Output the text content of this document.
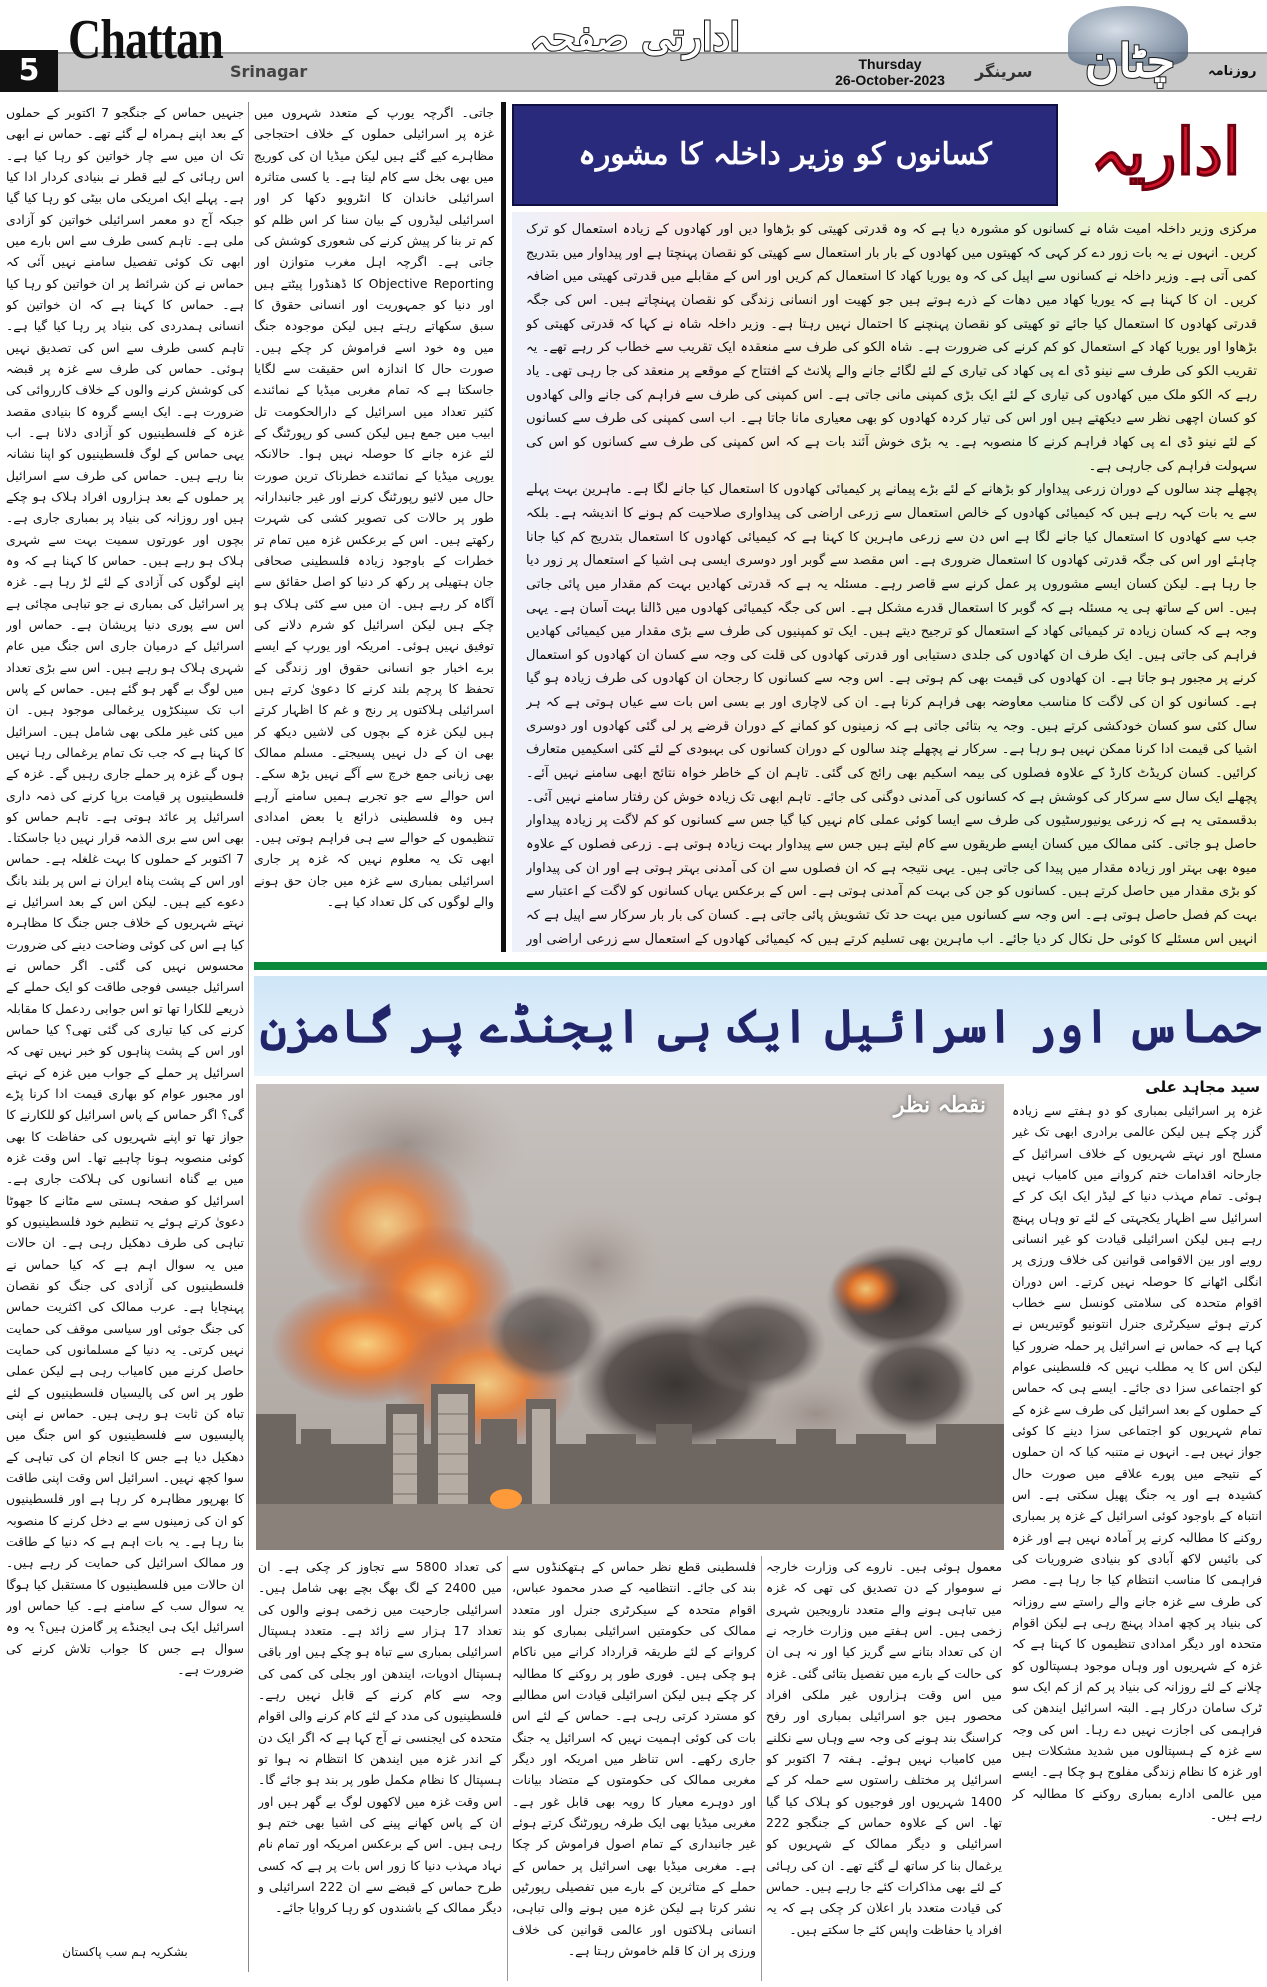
5 Chattan
Srinagar
ادارتی صفحہ
Thursday
26-October-2023	سرینگر	چٹان	روزنامہ

جنہیں حماس کے جنگجو 7 اکتوبر کے حملوں کے بعد اپنے ہمراہ لے گئے تھے۔ حماس نے ابھی تک ان میں سے چار خواتین کو رہا کیا ہے۔ اس رہائی کے لیے قطر نے بنیادی کردار ادا کیا ہے۔ پہلے ایک امریکی ماں بیٹی کو رہا کیا گیا جبکہ آج دو معمر اسرائیلی خواتین کو آزادی ملی ہے۔ تاہم کسی طرف سے اس بارے میں ابھی تک کوئی تفصیل سامنے نہیں آئی کہ حماس نے کن شرائط پر ان خواتین کو رہا کیا ہے۔ حماس کا کہنا ہے کہ ان خواتین کو انسانی ہمدردی کی بنیاد پر رہا کیا گیا ہے۔ تاہم کسی طرف سے اس کی تصدیق نہیں ہوئی۔ حماس کی طرف سے غزہ پر قبضہ کی کوشش کرنے والوں کے خلاف کارروائی کی ضرورت ہے۔ ایک ایسے گروہ کا بنیادی مقصد غزہ کے فلسطینیوں کو آزادی دلانا ہے۔ اب یہی حماس کے لوگ فلسطینیوں کو اپنا نشانہ بنا رہے ہیں۔ حماس کی طرف سے اسرائیل پر حملوں کے بعد ہزاروں افراد ہلاک ہو چکے ہیں اور روزانہ کی بنیاد پر بمباری جاری ہے۔ بچوں اور عورتوں سمیت بہت سے شہری ہلاک ہو رہے ہیں۔ حماس کا کہنا ہے کہ وہ اپنے لوگوں کی آزادی کے لئے لڑ رہا ہے۔ غزہ پر اسرائیل کی بمباری نے جو تباہی مچائی ہے اس سے پوری دنیا پریشان ہے۔ حماس اور اسرائیل کے درمیان جاری اس جنگ میں عام شہری ہلاک ہو رہے ہیں۔ اس سے بڑی تعداد میں لوگ بے گھر ہو گئے ہیں۔ حماس کے پاس اب تک سینکڑوں یرغمالی موجود ہیں۔ ان میں کئی غیر ملکی بھی شامل ہیں۔ اسرائیل کا کہنا ہے کہ جب تک تمام یرغمالی رہا نہیں ہوں گے غزہ پر حملے جاری رہیں گے۔ غزہ کے فلسطینیوں پر قیامت برپا کرنے کی ذمہ داری اسرائیل پر عائد ہوتی ہے۔ تاہم حماس کو بھی اس سے بری الذمہ قرار نہیں دیا جاسکتا۔ 7 اکتوبر کے حملوں کا بہت غلغلہ ہے۔ حماس اور اس کے پشت پناہ ایران نے اس پر بلند بانگ دعوے کیے ہیں۔ لیکن اس کے بعد اسرائیل نے نہتے شہریوں کے خلاف جس جنگ کا مظاہرہ کیا ہے اس کی کوئی وضاحت دینے کی ضرورت محسوس نہیں کی گئی۔ اگر حماس نے اسرائیل جیسی فوجی طاقت کو ایک حملے کے ذریعے للکارا تھا تو اس جوابی ردعمل کا مقابلہ کرنے کی کیا تیاری کی گئی تھی؟ کیا حماس اور اس کے پشت پناہوں کو خبر نہیں تھی کہ اسرائیل پر حملے کے جواب میں غزہ کے نہتے اور مجبور عوام کو بھاری قیمت ادا کرنا پڑے گی؟ اگر حماس کے پاس اسرائیل کو للکارنے کا جواز تھا تو اپنے شہریوں کی حفاظت کا بھی کوئی منصوبہ ہونا چاہیے تھا۔ اس وقت غزہ میں بے گناہ انسانوں کی ہلاکت جاری ہے۔ اسرائیل کو صفحہ ہستی سے مٹانے کا جھوٹا دعویٰ کرتے ہوئے یہ تنظیم خود فلسطینیوں کو تباہی کی طرف دھکیل رہی ہے۔ ان حالات میں یہ سوال اہم ہے کہ کیا حماس نے فلسطینیوں کی آزادی کی جنگ کو نقصان پہنچایا ہے۔ عرب ممالک کی اکثریت حماس کی جنگ جوئی اور سیاسی موقف کی حمایت نہیں کرتی۔ یہ دنیا کے مسلمانوں کی حمایت حاصل کرنے میں کامیاب رہی ہے لیکن عملی طور پر اس کی پالیسیاں فلسطینیوں کے لئے تباہ کن ثابت ہو رہی ہیں۔ حماس نے اپنی پالیسیوں سے فلسطینیوں کو اس جنگ میں دھکیل دیا ہے جس کا انجام ان کی تباہی کے سوا کچھ نہیں۔ اسرائیل اس وقت اپنی طاقت کا بھرپور مظاہرہ کر رہا ہے اور فلسطینیوں کو ان کی زمینوں سے بے دخل کرنے کا منصوبہ بنا رہا ہے۔ یہ بات اہم ہے کہ دنیا کے طاقت ور ممالک اسرائیل کی حمایت کر رہے ہیں۔ ان حالات میں فلسطینیوں کا مستقبل کیا ہوگا یہ سوال سب کے سامنے ہے۔ کیا حماس اور اسرائیل ایک ہی ایجنڈے پر گامزن ہیں؟ یہ وہ سوال ہے جس کا جواب تلاش کرنے کی ضرورت ہے۔

جاتی۔ اگرچہ یورپ کے متعدد شہروں میں غزہ پر اسرائیلی حملوں کے خلاف احتجاجی مظاہرے کیے گئے ہیں لیکن میڈیا ان کی کوریج میں بھی بخل سے کام لیتا ہے۔ یا کسی متاثرہ اسرائیلی خاندان کا انٹرویو دکھا کر اور اسرائیلی لیڈروں کے بیان سنا کر اس ظلم کو کم تر بنا کر پیش کرنے کی شعوری کوشش کی جاتی ہے۔ اگرچہ اہل مغرب متوازن اور Objective Reporting کا ڈھنڈورا پیٹتے ہیں اور دنیا کو جمہوریت اور انسانی حقوق کا سبق سکھاتے رہتے ہیں لیکن موجودہ جنگ میں وہ خود اسے فراموش کر چکے ہیں۔ صورت حال کا اندازہ اس حقیقت سے لگایا جاسکتا ہے کہ تمام مغربی میڈیا کے نمائندے کثیر تعداد میں اسرائیل کے دارالحکومت تل ابیب میں جمع ہیں لیکن کسی کو رپورٹنگ کے لئے غزہ جانے کا حوصلہ نہیں ہوا۔ حالانکہ یورپی میڈیا کے نمائندے خطرناک ترین صورت حال میں لائیو رپورٹنگ کرنے اور غیر جانبدارانہ طور پر حالات کی تصویر کشی کی شہرت رکھتے ہیں۔ اس کے برعکس غزہ میں تمام تر خطرات کے باوجود زیادہ فلسطینی صحافی جان ہتھیلی پر رکھ کر دنیا کو اصل حقائق سے آگاہ کر رہے ہیں۔ ان میں سے کئی ہلاک ہو چکے ہیں لیکن اسرائیل کو شرم دلانے کی توفیق نہیں ہوئی۔ امریکہ اور یورپ کے ایسے برے اخبار جو انسانی حقوق اور زندگی کے تحفظ کا پرچم بلند کرنے کا دعویٰ کرتے ہیں اسرائیلی ہلاکتوں پر رنج و غم کا اظہار کرتے ہیں لیکن غزہ کے بچوں کی لاشیں دیکھ کر بھی ان کے دل نہیں پسیجتے۔ مسلم ممالک بھی زبانی جمع خرچ سے آگے نہیں بڑھ سکے۔ اس حوالے سے جو تجربے ہمیں سامنے آرہے ہیں وہ فلسطینی ذرائع یا بعض امدادی تنظیموں کے حوالے سے ہی فراہم ہوتی ہیں۔ ابھی تک یہ معلوم نہیں کہ غزہ پر جاری اسرائیلی بمباری سے غزہ میں جان حق ہونے والے لوگوں کی کل تعداد کیا ہے۔

بشکریہ ہم سب پاکستان
کسانوں کو وزیر داخلہ کا مشورہ	اداریہ

مرکزی وزیر داخلہ امیت شاہ نے کسانوں کو مشورہ دیا ہے کہ وہ قدرتی کھیتی کو بڑھاوا دیں اور کھادوں کے زیادہ استعمال کو ترک کریں۔ انہوں نے یہ بات زور دے کر کہی کہ کھیتوں میں کھادوں کے بار بار استعمال سے کھیتی کو نقصان پہنچتا ہے اور پیداوار میں بتدریج کمی آتی ہے۔ وزیر داخلہ نے کسانوں سے اپیل کی کہ وہ یوریا کھاد کا استعمال کم کریں اور اس کے مقابلے میں قدرتی کھیتی میں اضافہ کریں۔ ان کا کہنا ہے کہ یوریا کھاد میں دھات کے ذرے ہوتے ہیں جو کھیت اور انسانی زندگی کو نقصان پہنچاتے ہیں۔ اس کی جگہ قدرتی کھادوں کا استعمال کیا جائے تو کھیتی کو نقصان پہنچنے کا احتمال نہیں رہتا ہے۔ وزیر داخلہ شاہ نے کہا کہ قدرتی کھیتی کو بڑھاوا اور یوریا کھاد کے استعمال کو کم کرنے کی ضرورت ہے۔ شاہ الکو کی طرف سے منعقدہ ایک تقریب سے خطاب کر رہے تھے۔ یہ تقریب الکو کی طرف سے نینو ڈی اے پی کھاد کی تیاری کے لئے لگائے جانے والے پلانٹ کے افتتاح کے موقعے پر منعقد کی جا رہی تھی۔ یاد رہے کہ الکو ملک میں کھادوں کی تیاری کے لئے ایک بڑی کمپنی مانی جاتی ہے۔ اس کمپنی کی طرف سے فراہم کی جانے والی کھادوں کو کسان اچھی نظر سے دیکھتے ہیں اور اس کی تیار کردہ کھادوں کو بھی معیاری مانا جاتا ہے۔ اب اسی کمپنی کی طرف سے کسانوں کے لئے نینو ڈی اے پی کھاد فراہم کرنے کا منصوبہ ہے۔ یہ بڑی خوش آئند بات ہے کہ اس کمپنی کی طرف سے کسانوں کو اس کی سہولت فراہم کی جارہی ہے۔

پچھلے چند سالوں کے دوران زرعی پیداوار کو بڑھانے کے لئے بڑے پیمانے پر کیمیائی کھادوں کا استعمال کیا جانے لگا ہے۔ ماہرین بہت پہلے سے یہ بات کہہ رہے ہیں کہ کیمیائی کھادوں کے خالص استعمال سے زرعی اراضی کی پیداواری صلاحیت کم ہونے کا اندیشہ ہے۔ بلکہ جب سے کھادوں کا استعمال کیا جانے لگا ہے اس دن سے زرعی ماہرین کا کہنا ہے کہ کیمیائی کھادوں کا استعمال بتدریج کم کیا جانا چاہئے اور اس کی جگہ قدرتی کھادوں کا استعمال ضروری ہے۔ اس مقصد سے گوبر اور دوسری ایسی ہی اشیا کے استعمال پر زور دیا جا رہا ہے۔ لیکن کسان ایسے مشوروں پر عمل کرنے سے قاصر رہے۔ مسئلہ یہ ہے کہ قدرتی کھادیں بہت کم مقدار میں پائی جاتی ہیں۔ اس کے ساتھ ہی یہ مسئلہ ہے کہ گوبر کا استعمال قدرے مشکل ہے۔ اس کی جگہ کیمیائی کھادوں میں ڈالنا بہت آسان ہے۔ یہی وجہ ہے کہ کسان زیادہ تر کیمیائی کھاد کے استعمال کو ترجیح دیتے ہیں۔ ایک تو کمپنیوں کی طرف سے بڑی مقدار میں کیمیائی کھادیں فراہم کی جاتی ہیں۔ ایک طرف ان کھادوں کی جلدی دستیابی اور قدرتی کھادوں کی قلت کی وجہ سے کسان ان کھادوں کو استعمال کرنے پر مجبور ہو جاتا ہے۔ ان کھادوں کی قیمت بھی کم ہوتی ہے۔ اس وجہ سے کسانوں کا رجحان ان کھادوں کی طرف زیادہ ہو گیا ہے۔ کسانوں کو ان کی لاگت کا مناسب معاوضہ بھی فراہم کرنا ہے۔ ان کی لاچاری اور بے بسی اس بات سے عیاں ہوتی ہے کہ ہر سال کئی سو کسان خودکشی کرتے ہیں۔ وجہ یہ بتائی جاتی ہے کہ زمینوں کو کمانے کے دوران قرضے پر لی گئی کھادوں اور دوسری اشیا کی قیمت ادا کرنا ممکن نہیں ہو رہا ہے۔ سرکار نے پچھلے چند سالوں کے دوران کسانوں کی بہبودی کے لئے کئی اسکیمیں متعارف کرائیں۔ کسان کریڈٹ کارڈ کے علاوہ فصلوں کی بیمہ اسکیم بھی رائج کی گئی۔ تاہم ان کے خاطر خواہ نتائج ابھی سامنے نہیں آئے۔ پچھلے ایک سال سے سرکار کی کوشش ہے کہ کسانوں کی آمدنی دوگنی کی جائے۔ تاہم ابھی تک زیادہ خوش کن رفتار سامنے نہیں آئی۔ بدقسمتی یہ ہے کہ زرعی یونیورسٹیوں کی طرف سے ایسا کوئی عملی کام نہیں کیا گیا جس سے کسانوں کو کم لاگت پر زیادہ پیداوار حاصل ہو جاتی۔ کئی ممالک میں کسان ایسے طریقوں سے کام لیتے ہیں جس سے پیداوار بہت زیادہ ہوتی ہے۔ زرعی فصلوں کے علاوہ میوہ بھی بہتر اور زیادہ مقدار میں پیدا کی جاتی ہیں۔ یہی نتیجہ ہے کہ ان فصلوں سے ان کی آمدنی بہتر ہوتی ہے اور ان کی پیداوار کو بڑی مقدار میں حاصل کرتے ہیں۔ کسانوں کو جن کی بہت کم آمدنی ہوتی ہے۔ اس کے برعکس یہاں کسانوں کو لاگت کے اعتبار سے بہت کم فصل حاصل ہوتی ہے۔ اس وجہ سے کسانوں میں بہت حد تک تشویش پائی جاتی ہے۔ کسان کی بار بار سرکار سے اپیل ہے کہ انہیں اس مسئلے کا کوئی حل نکال کر دیا جائے۔ اب ماہرین بھی تسلیم کرتے ہیں کہ کیمیائی کھادوں کے استعمال سے زرعی اراضی اور

حماس اور اسرائیل ایک ہی ایجنڈے پر گامزن
سید مجاہد علی
نقطہ نظر غزہ پر اسرائیلی بمباری کو دو ہفتے سے زیادہ گزر چکے ہیں لیکن عالمی برادری ابھی تک غیر مسلح اور نہتے شہریوں کے خلاف اسرائیل کے جارحانہ اقدامات ختم کروانے میں کامیاب نہیں ہوئی۔ تمام مہذب دنیا کے لیڈر ایک ایک کر کے اسرائیل سے اظہار یکجہتی کے لئے تو وہاں پہنچ رہے ہیں لیکن اسرائیلی قیادت کو غیر انسانی رویے اور بین الاقوامی قوانین کی خلاف ورزی پر انگلی اٹھانے کا حوصلہ نہیں کرتے۔ اس دوران اقوام متحدہ کی سلامتی کونسل سے خطاب کرتے ہوئے سیکرٹری جنرل انتونیو گوتیریس نے کہا ہے کہ حماس نے اسرائیل پر حملہ ضرور کیا لیکن اس کا یہ مطلب نہیں کہ فلسطینی عوام کو اجتماعی سزا دی جائے۔ ایسے ہی کہ حماس کے حملوں کے بعد اسرائیل کی طرف سے غزہ کے تمام شہریوں کو اجتماعی سزا دینے کا کوئی جواز نہیں ہے۔ انہوں نے متنبہ کیا کہ ان حملوں کے نتیجے میں پورے علاقے میں صورت حال کشیدہ ہے اور یہ جنگ پھیل سکتی ہے۔ اس انتباہ کے باوجود کوئی اسرائیل کے غزہ پر بمباری روکنے کا مطالبہ کرنے پر آمادہ نہیں ہے اور غزہ کی بائیس لاکھ آبادی کو بنیادی ضروریات کی فراہمی کا مناسب انتظام کیا جا رہا ہے۔ مصر کی طرف سے غزہ جانے والے راستے سے روزانہ کی بنیاد پر کچھ امداد پہنچ رہی ہے لیکن اقوام متحدہ اور دیگر امدادی تنظیموں کا کہنا ہے کہ غزہ کے شہریوں اور وہاں موجود ہسپتالوں کو چلانے کے لئے روزانہ کی بنیاد پر کم از کم ایک سو ٹرک سامان درکار ہے۔ البتہ اسرائیل ایندھن کی فراہمی کی اجازت نہیں دے رہا۔ اس کی وجہ سے غزہ کے ہسپتالوں میں شدید مشکلات ہیں اور غزہ کا نظام زندگی مفلوج ہو چکا ہے۔ ایسے میں عالمی ادارے بمباری روکنے کا مطالبہ کر رہے ہیں۔

معمول ہوئی ہیں۔ ناروے کی وزارت خارجہ نے سوموار کے دن تصدیق کی تھی کہ غزہ میں تباہی ہونے والے متعدد نارویجین شہری زخمی ہیں۔ اس ہفتے میں وزارت خارجہ نے ان کی تعداد بتانے سے گریز کیا اور نہ ہی ان کی حالت کے بارے میں تفصیل بتائی گئی۔ غزہ میں اس وقت ہزاروں غیر ملکی افراد محصور ہیں جو اسرائیلی بمباری اور رفح کراسنگ بند ہونے کی وجہ سے وہاں سے نکلنے میں کامیاب نہیں ہوئے۔ ہفتہ 7 اکتوبر کو اسرائیل پر مختلف راستوں سے حملہ کر کے 1400 شہریوں اور فوجیوں کو ہلاک کیا گیا تھا۔ اس کے علاوہ حماس کے جنگجو 222 اسرائیلی و دیگر ممالک کے شہریوں کو یرغمال بنا کر ساتھ لے گئے تھے۔ ان کی رہائی کے لئے بھی مذاکرات کئے جا رہے ہیں۔ حماس کی قیادت متعدد بار اعلان کر چکی ہے کہ یہ افراد یا حفاظت واپس کئے جا سکتے ہیں۔

فلسطینی قطع نظر حماس کے ہتھکنڈوں سے بند کی جائے۔ انتظامیہ کے صدر محمود عباس، اقوام متحدہ کے سیکرٹری جنرل اور متعدد ممالک کی حکومتیں اسرائیلی بمباری کو بند کروانے کے لئے طریقہ قرارداد کرانے میں ناکام ہو چکی ہیں۔ فوری طور پر روکنے کا مطالبہ کر چکے ہیں لیکن اسرائیلی قیادت اس مطالبے کو مسترد کرتی رہی ہے۔ حماس کے لئے اس بات کی کوئی اہمیت نہیں کہ اسرائیل یہ جنگ جاری رکھے۔ اس تناظر میں امریکہ اور دیگر مغربی ممالک کی حکومتوں کے متضاد بیانات اور دوہرے معیار کا رویہ بھی قابل غور ہے۔ مغربی میڈیا بھی ایک طرفہ رپورٹنگ کرتے ہوئے غیر جانبداری کے تمام اصول فراموش کر چکا ہے۔ مغربی میڈیا بھی اسرائیل پر حماس کے حملے کے متاثرین کے بارے میں تفصیلی رپورٹیں نشر کرتا ہے لیکن غزہ میں ہونے والی تباہی، انسانی ہلاکتوں اور عالمی قوانین کی خلاف ورزی پر ان کا قلم خاموش رہتا ہے۔

کی تعداد 5800 سے تجاوز کر چکی ہے۔ ان میں 2400 کے لگ بھگ بچے بھی شامل ہیں۔ اسرائیلی جارحیت میں زخمی ہونے والوں کی تعداد 17 ہزار سے زائد ہے۔ متعدد ہسپتال اسرائیلی بمباری سے تباہ ہو چکے ہیں اور باقی ہسپتال ادویات، ایندھن اور بجلی کی کمی کی وجہ سے کام کرنے کے قابل نہیں رہے۔ فلسطینیوں کی مدد کے لئے کام کرنے والی اقوام متحدہ کی ایجنسی نے آج کہا ہے کہ اگر ایک دن کے اندر غزہ میں ایندھن کا انتظام نہ ہوا تو ہسپتال کا نظام مکمل طور پر بند ہو جائے گا۔ اس وقت غزہ میں لاکھوں لوگ بے گھر ہیں اور ان کے پاس کھانے پینے کی اشیا بھی ختم ہو رہی ہیں۔ اس کے برعکس امریکہ اور تمام نام نہاد مہذب دنیا کا زور اس بات پر ہے کہ کسی طرح حماس کے قبضے سے ان 222 اسرائیلی و دیگر ممالک کے باشندوں کو رہا کروایا جائے۔
